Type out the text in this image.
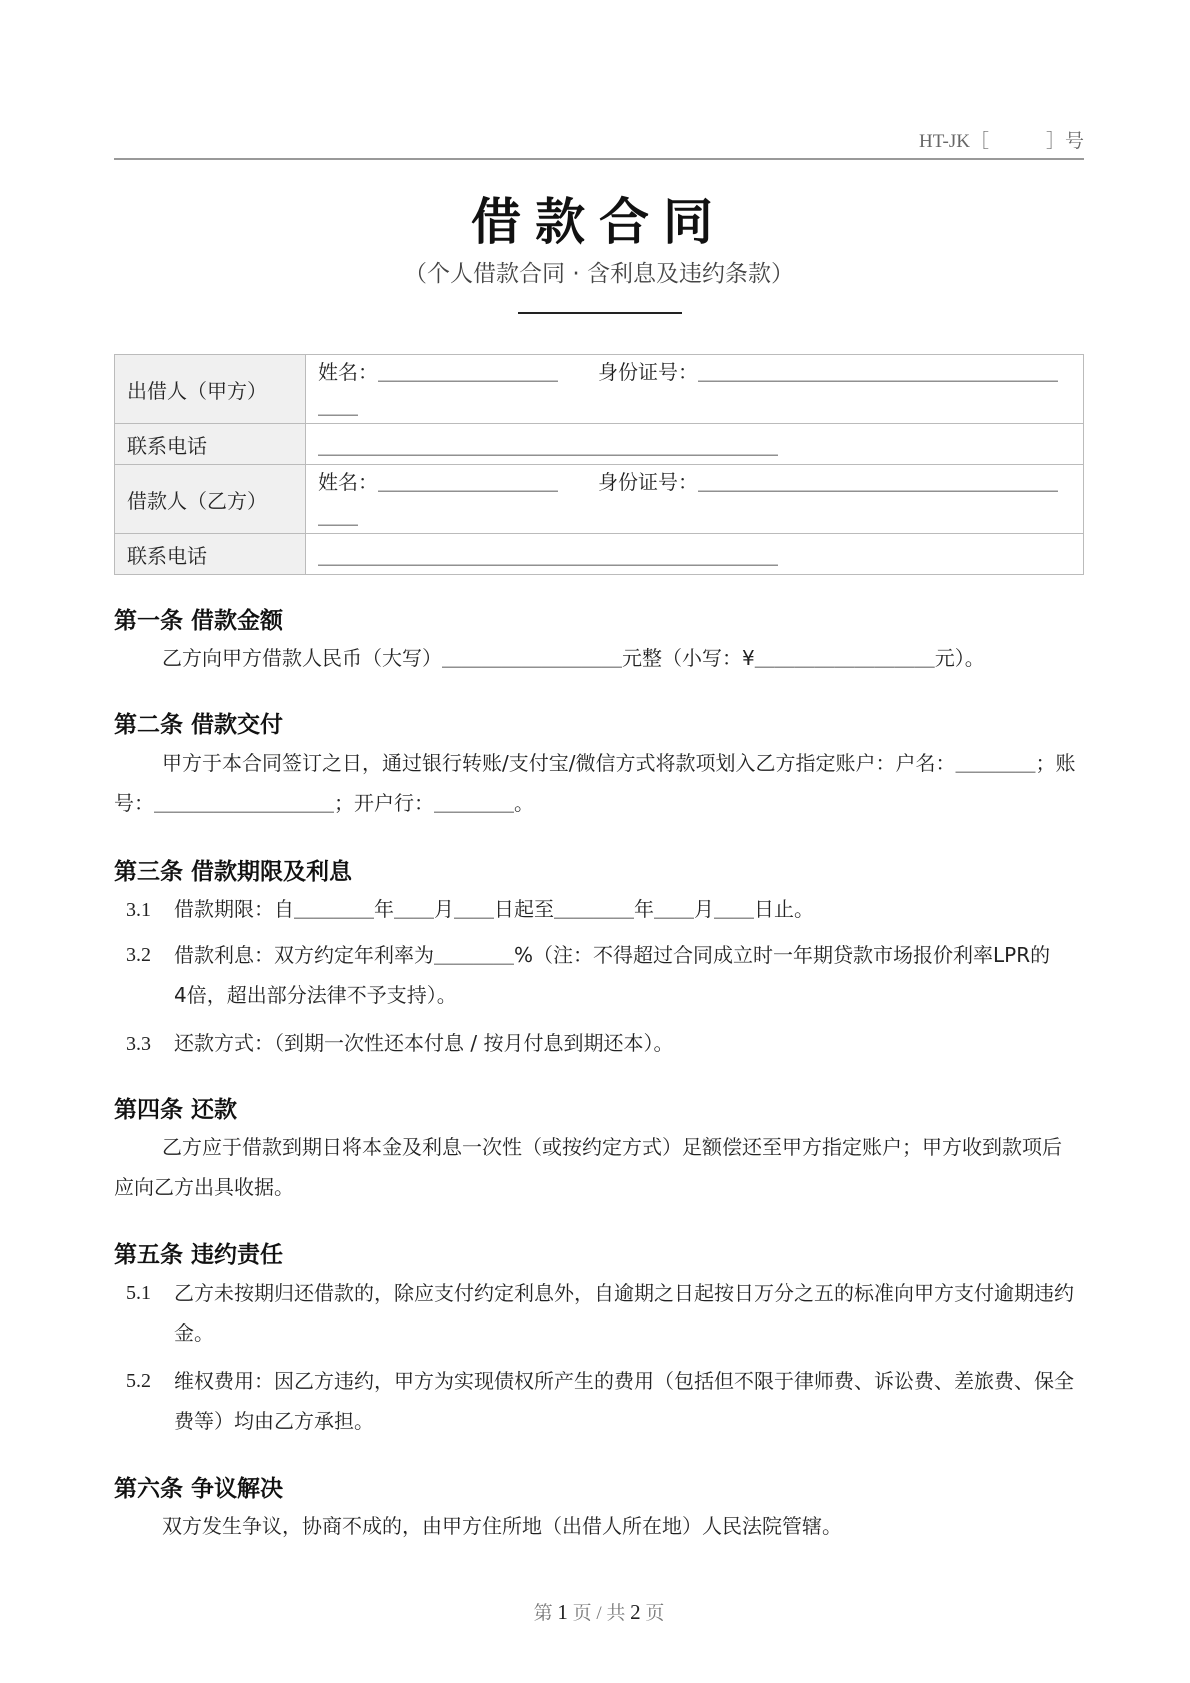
HT-JK［　　　］号
借款合同
（个人借款合同 · 含利息及违约条款）
出借人（甲方）	姓名：＿＿＿＿＿＿＿＿＿ 身份证号：＿＿＿＿＿＿＿＿＿＿＿＿＿＿＿＿＿＿＿＿

联系电话	＿＿＿＿＿＿＿＿＿＿＿＿＿＿＿＿＿＿＿＿＿＿＿
借款人（乙方）	姓名：＿＿＿＿＿＿＿＿＿ 身份证号：＿＿＿＿＿＿＿＿＿＿＿＿＿＿＿＿＿＿＿＿

联系电话	＿＿＿＿＿＿＿＿＿＿＿＿＿＿＿＿＿＿＿＿＿＿＿
第一条 借款金额
乙方向甲方借款人民币（大写）＿＿＿＿＿＿＿＿＿元整（小写：¥＿＿＿＿＿＿＿＿＿元）。
第二条 借款交付
甲方于本合同签订之日，通过银行转账/支付宝/微信方式将款项划入乙方指定账户：户名：＿＿＿＿；账号：＿＿＿＿＿＿＿＿＿；开户行：＿＿＿＿。
第三条 借款期限及利息
3.1 借款期限：自＿＿＿＿年＿＿月＿＿日起至＿＿＿＿年＿＿月＿＿日止。
3.2	借款利息：双方约定年利率为＿＿＿＿%（注：不得超过合同成立时一年期贷款市场报价利率LPR的4倍，超出部分法律不予支持）。
3.3 还款方式：（到期一次性还本付息 / 按月付息到期还本）。
第四条 还款
乙方应于借款到期日将本金及利息一次性（或按约定方式）足额偿还至甲方指定账户；甲方收到款项后应向乙方出具收据。
第五条 违约责任
5.1	乙方未按期归还借款的，除应支付约定利息外，自逾期之日起按日万分之五的标准向甲方支付逾期违约金。
5.2	维权费用：因乙方违约，甲方为实现债权所产生的费用（包括但不限于律师费、诉讼费、差旅费、保全费等）均由乙方承担。
第六条 争议解决
双方发生争议，协商不成的，由甲方住所地（出借人所在地）人民法院管辖。
第 1 页 / 共 2 页
